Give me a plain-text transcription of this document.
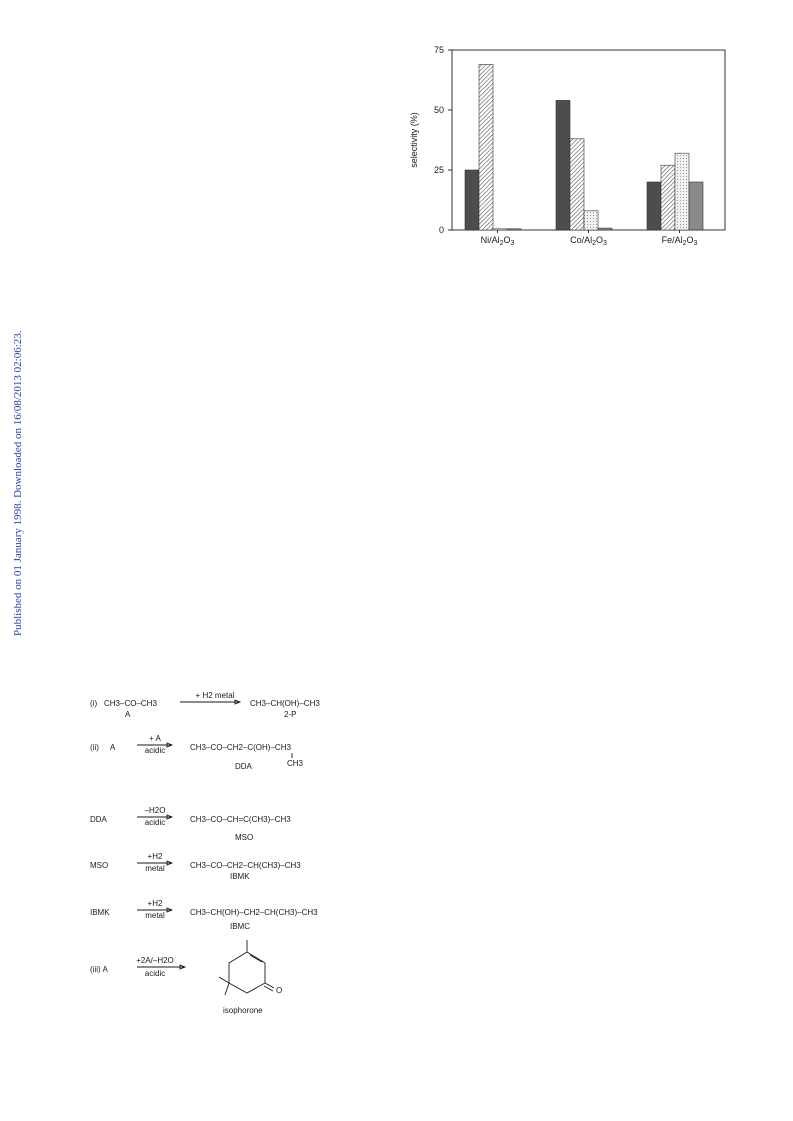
Published on 01 January 1998. Downloaded on 16/08/2013 02:06:23.
0
25
50
75
$Ni/Al_2O_3$	$Co/Al_2O_3$	$Fe/Al_2O_3$
selectivity (%)
(i) CH3–CO–CH3
A
+ H2 metal
CH3–CH(OH)–CH3
2-P
(ii) A
+ A
acidic	CH3–CO–CH2–C(OH)–CH3
CH3
DDA
DDA
–H2O
acidic	CH3–CO–CH=C(CH3)–CH3
MSO
MSO
+H2
metal	CH3–CO–CH2–CH(CH3)–CH3
IBMK
IBMK
+H2
metal	CH3–CH(OH)–CH2–CH(CH3)–CH3
IBMC
(iii) A
+2A/–H2O
acidic
O
isophorone
